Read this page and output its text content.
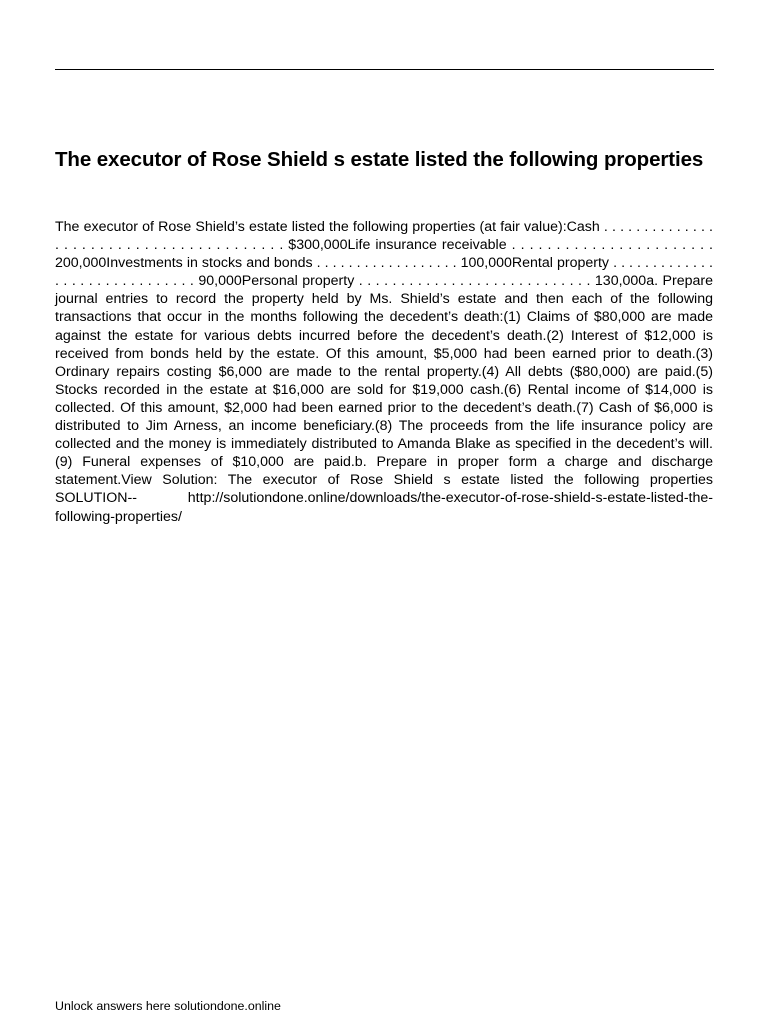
The executor of Rose Shield s estate listed the following properties

The executor of Rose Shield’s estate listed the following properties (at fair value):Cash . . . . . . . . . . . . . . . . . . . . . . . . . . . . . . . . . . . . . . . . $300,000Life insurance receivable . . . . . . . . . . . . . . . . . . . . . . . 200,000Investments in stocks and bonds . . . . . . . . . . . . . . . . . . 100,000Rental property . . . . . . . . . . . . . . . . . . . . . . . . . . . . . . 90,000Personal property . . . . . . . . . . . . . . . . . . . . . . . . . . . . 130,000a. Prepare journal entries to record the property held by Ms. Shield’s estate and then each of the following transactions that occur in the months following the decedent’s death:(1) Claims of $80,000 are made against the estate for various debts incurred before the decedent’s death.(2) Interest of $12,000 is received from bonds held by the estate. Of this amount, $5,000 had been earned prior to death.(3) Ordinary repairs costing $6,000 are made to the rental property.(4) All debts ($80,000) are paid.(5) Stocks recorded in the estate at $16,000 are sold for $19,000 cash.(6) Rental income of $14,000 is collected. Of this amount, $2,000 had been earned prior to the decedent’s death.(7) Cash of $6,000 is distributed to Jim Arness, an income beneficiary.(8) The proceeds from the life insurance policy are collected and the money is immediately distributed to Amanda Blake as specified in the decedent’s will.(9) Funeral expenses of $10,000 are paid.b. Prepare in proper form a charge and discharge statement.View Solution: The executor of Rose Shield s estate listed the following properties SOLUTION-- http://solutiondone.online/downloads/the-executor-of-rose-shield-s-estate-listed-the-following-properties/

Unlock answers here solutiondone.online
